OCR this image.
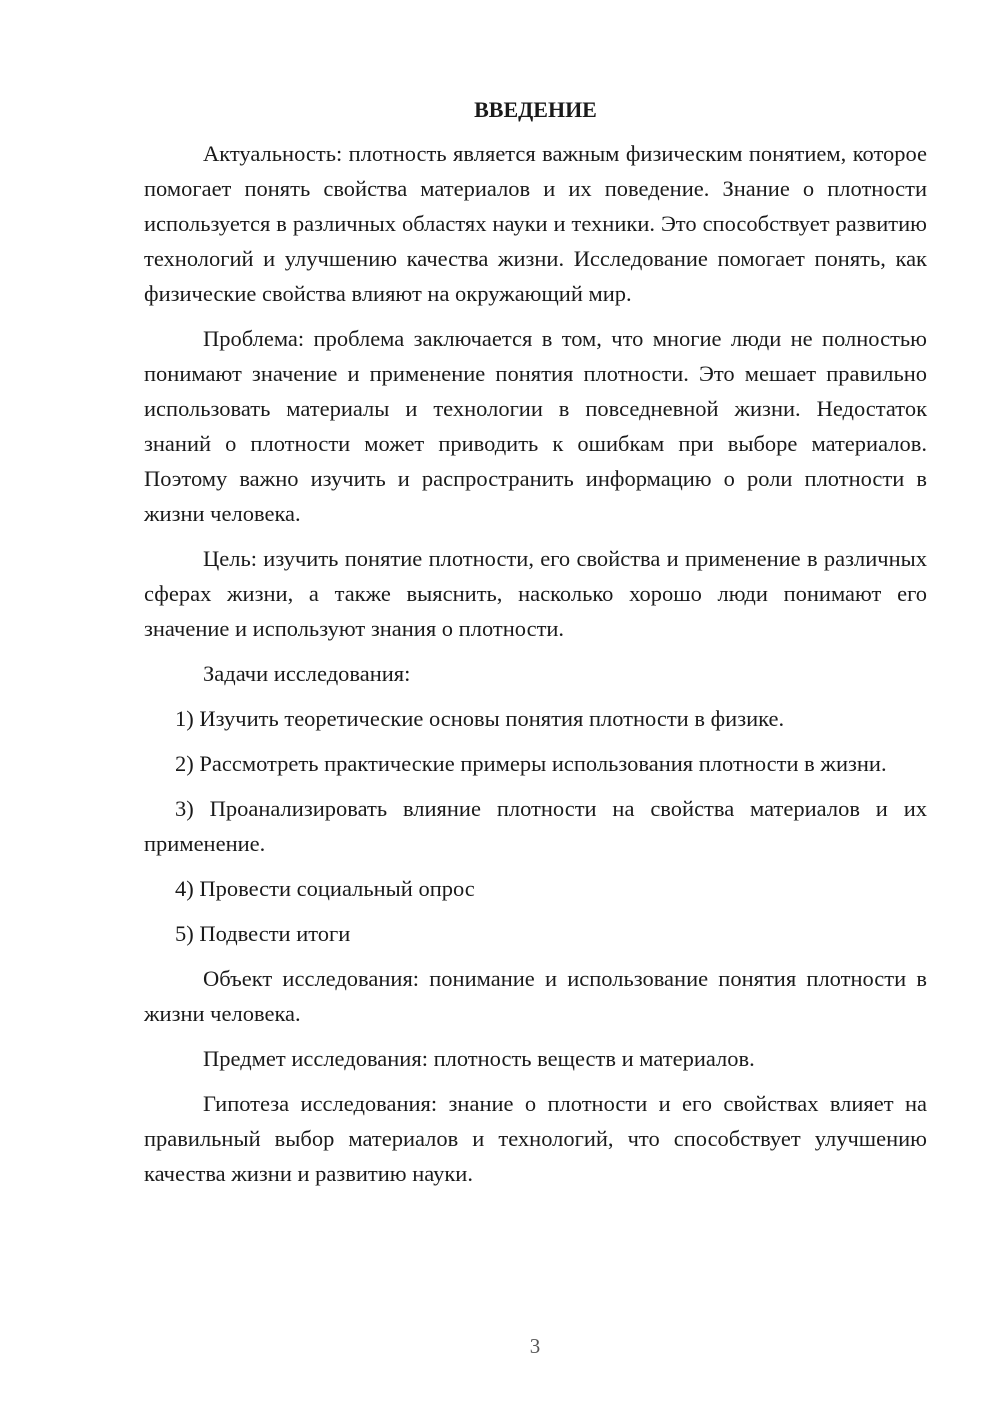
ВВЕДЕНИЕ

Актуальность: плотность является важным физическим понятием, которое помогает понять свойства материалов и их поведение. Знание о плотности используется в различных областях науки и техники. Это способствует развитию технологий и улучшению качества жизни. Исследование помогает понять, как физические свойства влияют на окружающий мир.

Проблема: проблема заключается в том, что многие люди не полностью понимают значение и применение понятия плотности. Это мешает правильно использовать материалы и технологии в повседневной жизни. Недостаток знаний о плотности может приводить к ошибкам при выборе материалов. Поэтому важно изучить и распространить информацию о роли плотности в жизни человека.

Цель: изучить понятие плотности, его свойства и применение в различных сферах жизни, а также выяснить, насколько хорошо люди понимают его значение и используют знания о плотности.

Задачи исследования:

1) Изучить теоретические основы понятия плотности в физике.

2) Рассмотреть практические примеры использования плотности в жизни.

3) Проанализировать влияние плотности на свойства материалов и их применение.

4) Провести социальный опрос

5) Подвести итоги

Объект исследования: понимание и использование понятия плотности в жизни человека.

Предмет исследования: плотность веществ и материалов.

Гипотеза исследования: знание о плотности и его свойствах влияет на правильный выбор материалов и технологий, что способствует улучшению качества жизни и развитию науки.

3
